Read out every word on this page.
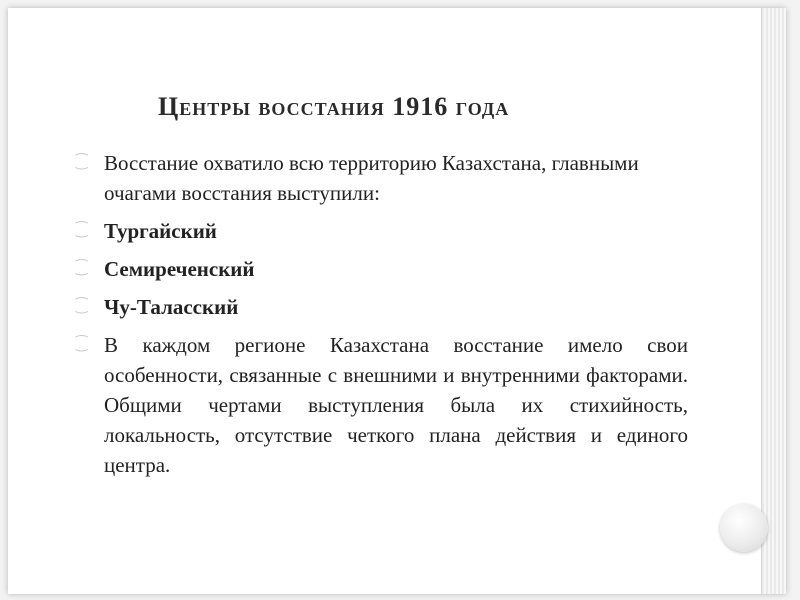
Центры восстания 1916 года
⁐ Восстание охватило всю территорию Казахстана, главными очагами восстания выступили:
⁐ Тургайский
⁐ Семиреченский
⁐ Чу-Таласский
⁐ В каждом регионе Казахстана восстание имело свои особенности, связанные с внешними и внутренними факторами. Общими чертами выступления была их стихийность, локальность, отсутствие четкого плана действия и единого центра.
